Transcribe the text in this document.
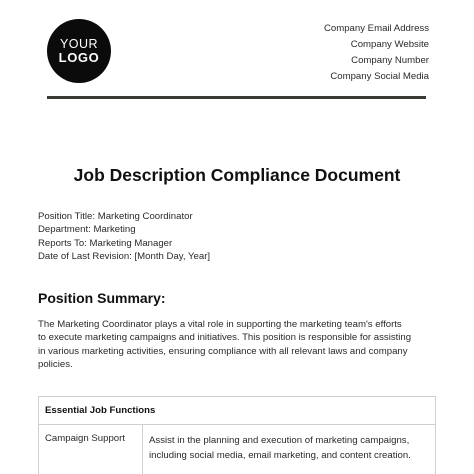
YOUR
LOGO
Company Email Address
Company Website
Company Number
Company Social Media
Job Description Compliance Document
Position Title: Marketing Coordinator
Department: Marketing
Reports To: Marketing Manager
Date of Last Revision: [Month Day, Year]
Position Summary:
The Marketing Coordinator plays a vital role in supporting the marketing team's efforts
to execute marketing campaigns and initiatives. This position is responsible for assisting
in various marketing activities, ensuring compliance with all relevant laws and company
policies.
Essential Job Functions
Campaign Support	Assist in the planning and execution of marketing campaigns,
including social media, email marketing, and content creation.
